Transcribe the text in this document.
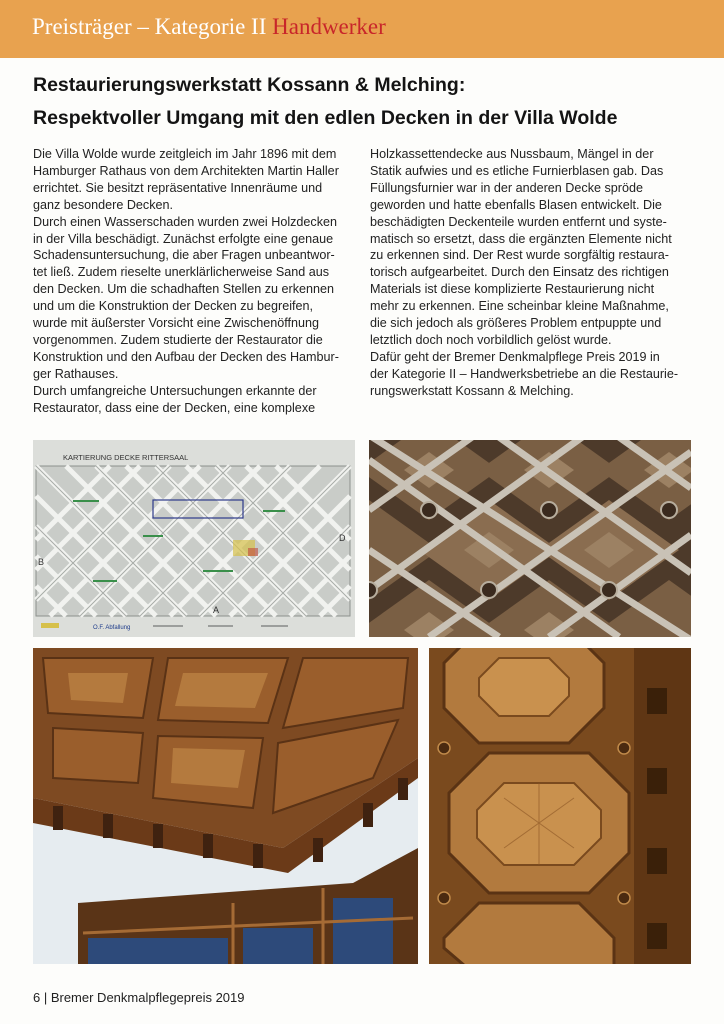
Preisträger – Kategorie II Handwerker
Restaurierungswerkstatt Kossann & Melching:
Respektvoller Umgang mit den edlen Decken in der Villa Wolde
Die Villa Wolde wurde zeitgleich im Jahr 1896 mit dem
Hamburger Rathaus von dem Architekten Martin Haller
errichtet. Sie besitzt repräsentative Innenräume und
ganz besondere Decken.
Durch einen Wasserschaden wurden zwei Holzdecken
in der Villa beschädigt. Zunächst erfolgte eine genaue
Schadensuntersuchung, die aber Fragen unbeantwor-
tet ließ. Zudem rieselte unerklärlicherweise Sand aus
den Decken. Um die schadhaften Stellen zu erkennen
und um die Konstruktion der Decken zu begreifen,
wurde mit äußerster Vorsicht eine Zwischenöffnung
vorgenommen. Zudem studierte der Restaurator die
Konstruktion und den Aufbau der Decken des Hambur-
ger Rathauses.
Durch umfangreiche Untersuchungen erkannte der
Restaurator, dass eine der Decken, eine komplexe
Holzkassettendecke aus Nussbaum, Mängel in der
Statik aufwies und es etliche Furnierblasen gab. Das
Füllungsfurnier war in der anderen Decke spröde
geworden und hatte ebenfalls Blasen entwickelt. Die
beschädigten Deckenteile wurden entfernt und syste-
matisch so ersetzt, dass die ergänzten Elemente nicht
zu erkennen sind. Der Rest wurde sorgfältig restaura-
torisch aufgearbeitet. Durch den Einsatz des richtigen
Materials ist diese komplizierte Restaurierung nicht
mehr zu erkennen. Eine scheinbar kleine Maßnahme,
die sich jedoch als größeres Problem entpuppte und
letztlich doch noch vorbildlich gelöst wurde.
Dafür geht der Bremer Denkmalpflege Preis 2019 in
der Kategorie II – Handwerksbetriebe an die Restaurie-
rungswerkstatt Kossann & Melching.
KARTIERUNG DECKE RITTERSAAL
B
A
D
O.F. Abfallung
6 | Bremer Denkmalpflegepreis 2019
